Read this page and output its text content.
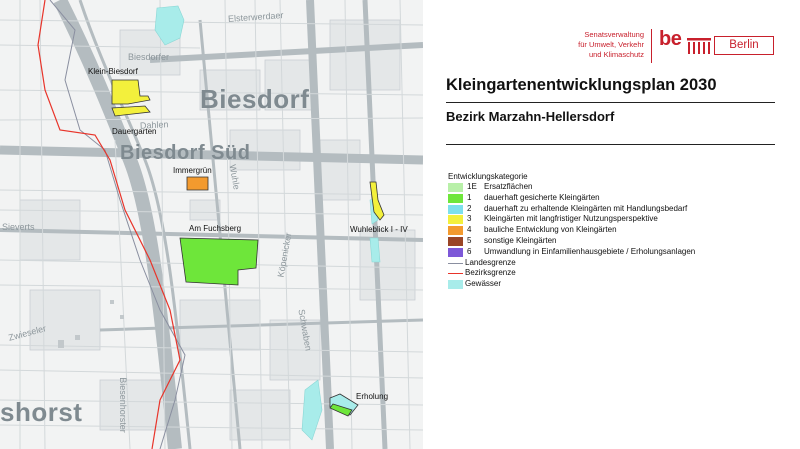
Biesdorf
Biesdorf Süd
shorst
Elsterwerdaer
Biesdorfer
Dahlen
Wuhle
Köpenicker
Schwaben
Biesenhorster
Zwieseler
Sieverts
Klein-Biesdorf
Dauergarten
Immergrün
Am Fuchsberg	Wuhleblick I - IV
Erholung
Senatsverwaltung
für Umwelt, Verkehr
und Klimaschutz
be	Berlin
Kleingartenentwicklungsplan 2030
Bezirk Marzahn-Hellersdorf
Entwicklungskategorie
1E Ersatzflächen
1 dauerhaft gesicherte Kleingärten
2 dauerhaft zu erhaltende Kleingärten mit Handlungsbedarf
3 Kleingärten mit langfristiger Nutzungsperspektive
4 bauliche Entwicklung von Kleingärten
5 sonstige Kleingärten
6 Umwandlung in Einfamilienhausgebiete / Erholungsanlagen
Landesgrenze
Bezirksgrenze
Gewässer
